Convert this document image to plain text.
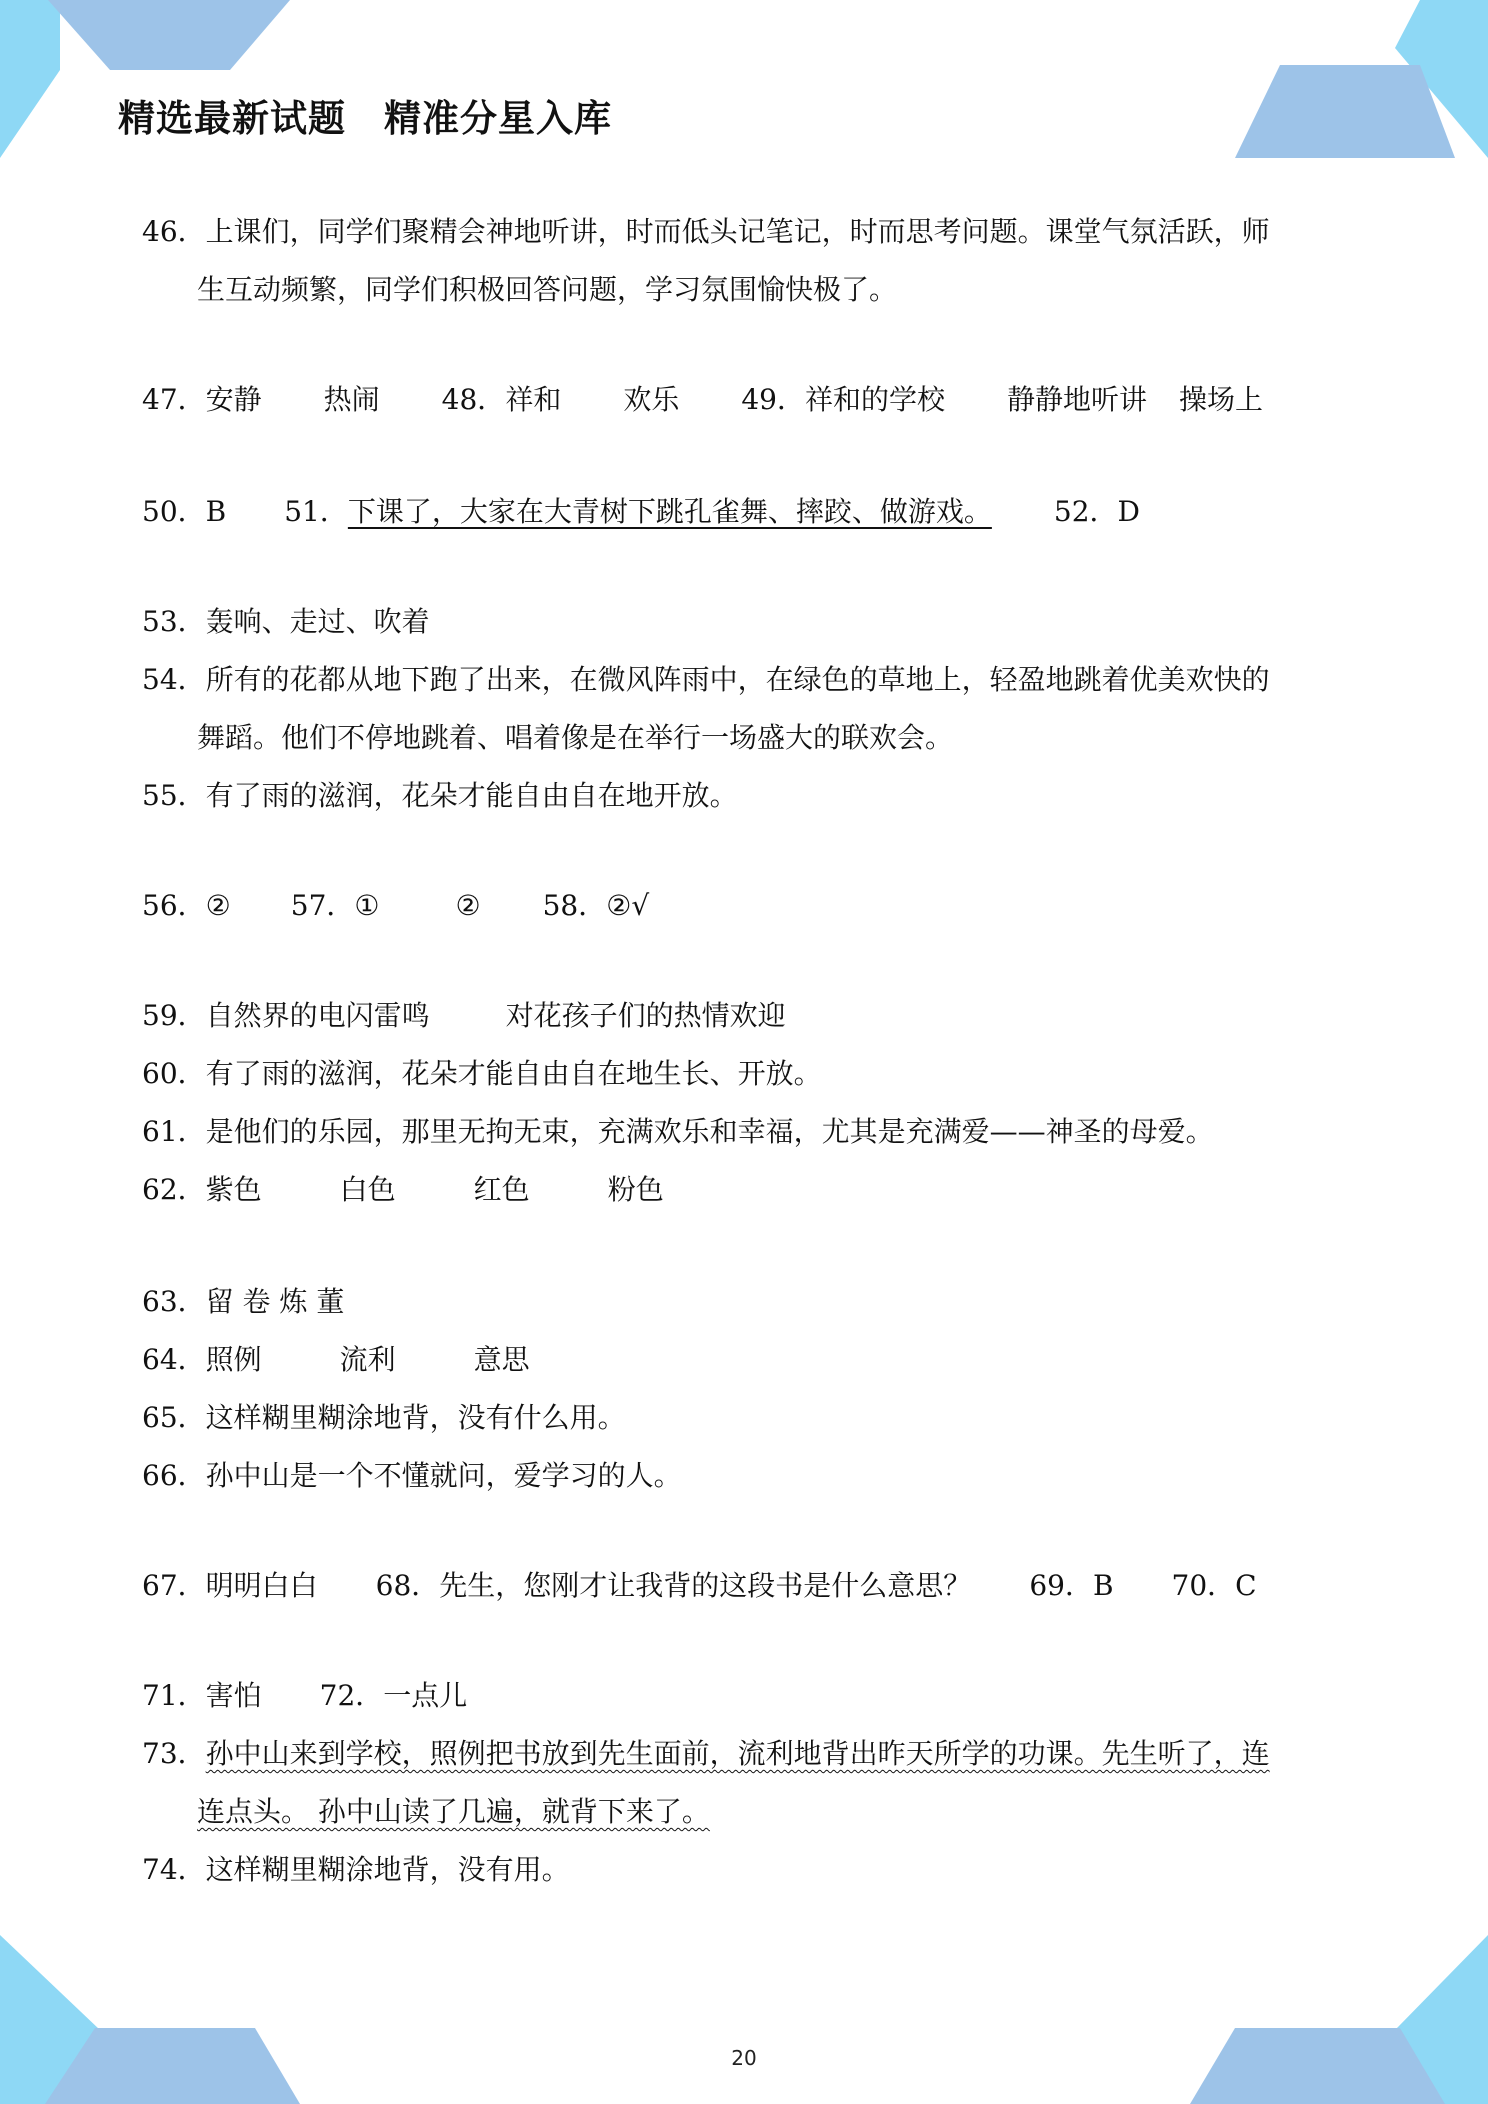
精选最新试题　精准分星入库
46．上课们，同学们聚精会神地听讲，时而低头记笔记，时而思考问题。课堂气氛活跃，师
生互动频繁，同学们积极回答问题，学习氛围愉快极了。
47．安静 热闹 48．祥和 欢乐 49．祥和的学校 静静地听讲 操场上
50．B 51．下课了，大家在大青树下跳孔雀舞、摔跤、做游戏。 52．D
53．轰响、走过、吹着
54．所有的花都从地下跑了出来，在微风阵雨中，在绿色的草地上，轻盈地跳着优美欢快的
舞蹈。他们不停地跳着、唱着像是在举行一场盛大的联欢会。
55．有了雨的滋润，花朵才能自由自在地开放。
56．② 57．①	② 58．②√
59．自然界的电闪雷鸣	对花孩子们的热情欢迎
60．有了雨的滋润，花朵才能自由自在地生长、开放。
61．是他们的乐园，那里无拘无束，充满欢乐和幸福，尤其是充满爱——神圣的母爱。
62．紫色	白色	红色	粉色
63．留 卷 炼 董
64．照例	流利	意思
65．这样糊里糊涂地背，没有什么用。
66．孙中山是一个不懂就问，爱学习的人。
67．明明白白 68．先生，您刚才让我背的这段书是什么意思？ 69．B 70．C
71．害怕 72．一点儿
73．孙中山来到学校，照例把书放到先生面前，流利地背出昨天所学的功课。先生听了，连
连点头。 孙中山读了几遍，就背下来了。
74．这样糊里糊涂地背，没有用。
20
